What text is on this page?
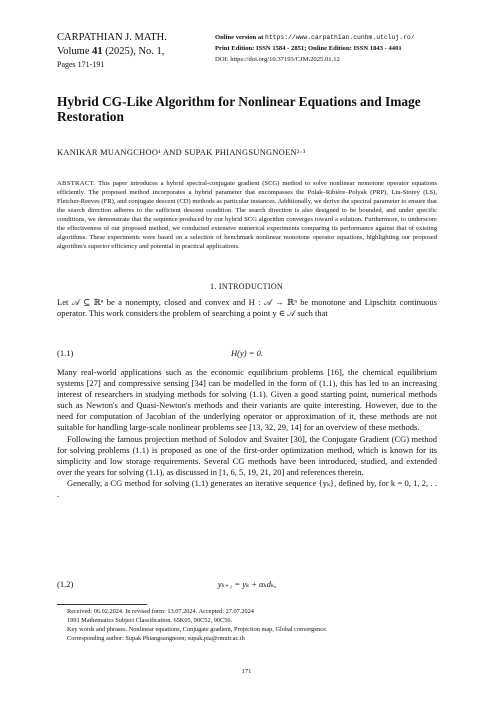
CARPATHIAN J. MATH.
Volume 41 (2025), No. 1,
Pages 171-191
Online version at https://www.carpathian.cunbm.utcluj.ro/
Print Edition: ISSN 1584 - 2851; Online Edition: ISSN 1843 - 4401
DOI: https://doi.org/10.37193/CJM.2025.01.12
Hybrid CG-Like Algorithm for Nonlinear Equations and Image Restoration
KANIKAR MUANGCHOO¹ AND SUPAK PHIANGSUNGNOEN²·³
ABSTRACT. This paper introduces a hybrid spectral-conjugate gradient (SCG) method to solve nonlinear monotone operator equations efficiently. The proposed method incorporates a hybrid parameter that encompasses the Polak–Ribière–Polyak (PRP), Liu-Storey (LS), Fletcher-Reeves (FR), and conjugate descent (CD) methods as particular instances. Additionally, we derive the spectral parameter to ensure that the search direction adheres to the sufficient descent condition. The search direction is also designed to be bounded, and under specific conditions, we demonstrate that the sequence produced by our hybrid SCG algorithm converges toward a solution. Furthermore, to underscore the effectiveness of our proposed method, we conducted extensive numerical experiments comparing its performance against that of existing algorithms. These experiments were based on a selection of benchmark nonlinear monotone operator equations, highlighting our proposed algorithm's superior efficiency and potential in practical applications.
1. INTRODUCTION
Let 𝒜 ⊆ ℝⁿ be a nonempty, closed and convex and H : 𝒜 → ℝⁿ be monotone and Lipschitz continuous operator. This work considers the problem of searching a point y ∈ 𝒜 such that
(1.1)	H(y) = 0.
Many real-world applications such as the economic equilibrium problems [16], the chemical equilibrium systems [27] and compressive sensing [34] can be modelled in the form of (1.1), this has led to an increasing interest of researchers in studying methods for solving (1.1). Given a good starting point, numerical methods such as Newton's and Quasi-Newton's methods and their variants are quite interesting. However, due to the need for computation of Jacobian of the underlying operator or approximation of it, these methods are not suitable for handling large-scale nonlinear problems see [13, 32, 29, 14] for an overview of these methods.
Following the famous projection method of Solodov and Svaiter [30], the Conjugate Gradient (CG) method for solving problems (1.1) is proposed as one of the first-order optimization method, which is known for its simplicity and low storage requirements. Several CG methods have been introduced, studied, and extended over the years for solving (1.1), as discussed in [1, 6, 5, 19, 21, 20] and references therein.
Generally, a CG method for solving (1.1) generates an iterative sequence {yₖ}, defined by, for k = 0, 1, 2, . . .
(1.2)	yₖ₊₁ = yₖ + αₖdₖ,
Received: 06.02.2024. In revised form: 13.07.2024. Accepted: 27.07.2024
1991 Mathematics Subject Classification. 65K05, 90C52, 90C56.
Key words and phrases. Nonlinear equations, Conjugate gradient, Projection map, Global convergence.
Corresponding author: Supak Phiangsungnoen; supak.pia@rmutr.ac.th
171
